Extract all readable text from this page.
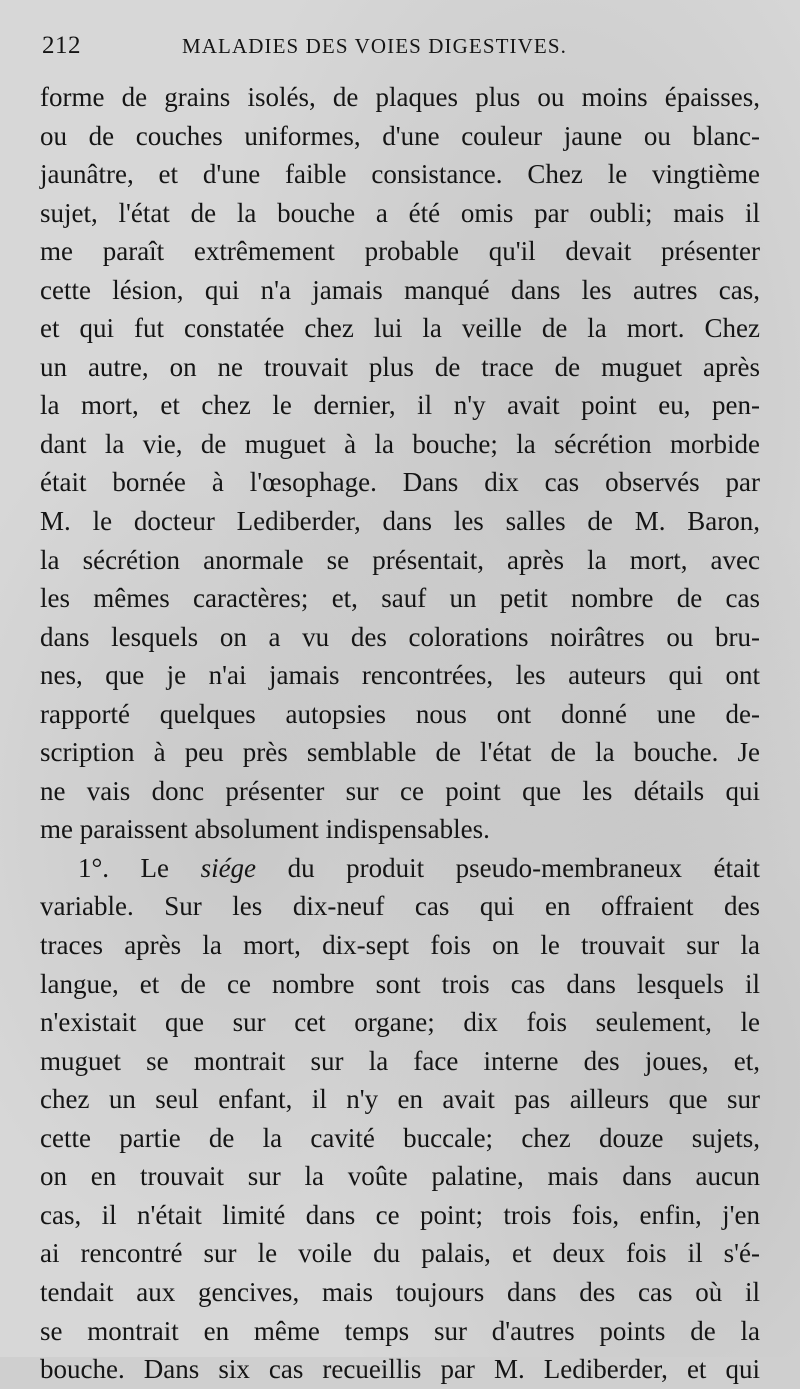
212	MALADIES DES VOIES DIGESTIVES.
forme de grains isolés, de plaques plus ou moins épaisses,
ou de couches uniformes, d'une couleur jaune ou blanc-
jaunâtre, et d'une faible consistance. Chez le vingtième
sujet, l'état de la bouche a été omis par oubli; mais il
me paraît extrêmement probable qu'il devait présenter
cette lésion, qui n'a jamais manqué dans les autres cas,
et qui fut constatée chez lui la veille de la mort. Chez
un autre, on ne trouvait plus de trace de muguet après
la mort, et chez le dernier, il n'y avait point eu, pen-
dant la vie, de muguet à la bouche; la sécrétion morbide
était bornée à l'œsophage. Dans dix cas observés par
M. le docteur Lediberder, dans les salles de M. Baron,
la sécrétion anormale se présentait, après la mort, avec
les mêmes caractères; et, sauf un petit nombre de cas
dans lesquels on a vu des colorations noirâtres ou bru-
nes, que je n'ai jamais rencontrées, les auteurs qui ont
rapporté quelques autopsies nous ont donné une de-
scription à peu près semblable de l'état de la bouche. Je
ne vais donc présenter sur ce point que les détails qui
me paraissent absolument indispensables.
1°. Le siége du produit pseudo-membraneux était
variable. Sur les dix-neuf cas qui en offraient des
traces après la mort, dix-sept fois on le trouvait sur la
langue, et de ce nombre sont trois cas dans lesquels il
n'existait que sur cet organe; dix fois seulement, le
muguet se montrait sur la face interne des joues, et,
chez un seul enfant, il n'y en avait pas ailleurs que sur
cette partie de la cavité buccale; chez douze sujets,
on en trouvait sur la voûte palatine, mais dans aucun
cas, il n'était limité dans ce point; trois fois, enfin, j'en
ai rencontré sur le voile du palais, et deux fois il s'é-
tendait aux gencives, mais toujours dans des cas où il
se montrait en même temps sur d'autres points de la
bouche. Dans six cas recueillis par M. Lediberder, et qui
